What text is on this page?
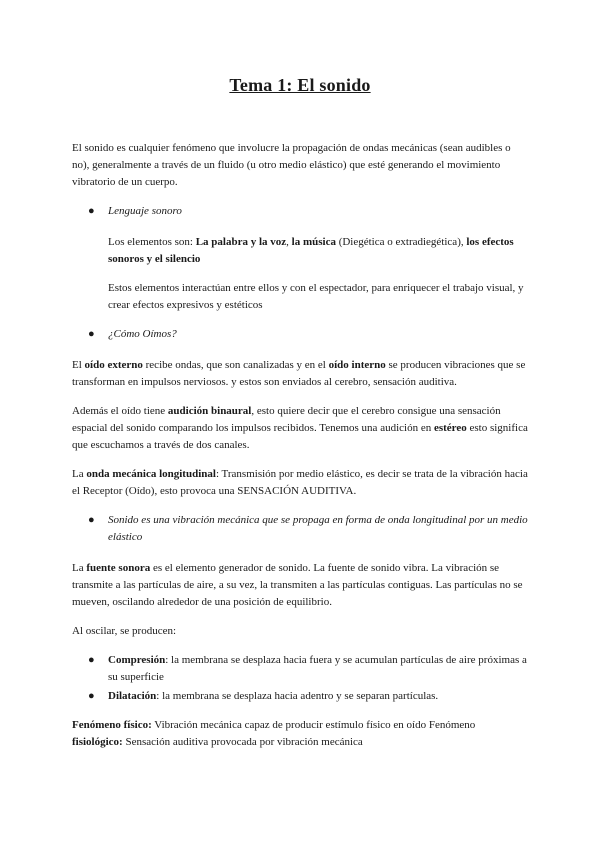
Tema 1: El sonido

El sonido es cualquier fenómeno que involucre la propagación de ondas mecánicas (sean audibles o no), generalmente a través de un fluido (u otro medio elástico) que esté generando el movimiento vibratorio de un cuerpo.

● Lenguaje sonoro

Los elementos son: La palabra y la voz, la música (Diegética o extradiegética), los efectos sonoros y el silencio

Estos elementos interactúan entre ellos y con el espectador, para enriquecer el trabajo visual, y crear efectos expresivos y estéticos

● ¿Cómo Oímos?

El oído externo recibe ondas, que son canalizadas y en el oído interno se producen vibraciones que se transforman en impulsos nerviosos. y estos son enviados al cerebro, sensación auditiva.

Además el oído tiene audición binaural, esto quiere decir que el cerebro consigue una sensación espacial del sonido comparando los impulsos recibidos. Tenemos una audición en estéreo esto significa que escuchamos a través de dos canales.

La onda mecánica longitudinal: Transmisión por medio elástico, es decir se trata de la vibración hacia el Receptor (Oído), esto provoca una SENSACIÓN AUDITIVA.

● Sonido es una vibración mecánica que se propaga en forma de onda longitudinal por un medio elástico

La fuente sonora es el elemento generador de sonido. La fuente de sonido vibra. La vibración se transmite a las partículas de aire, a su vez, la transmiten a las partículas contiguas. Las partículas no se mueven, oscilando alrededor de una posición de equilibrio.

Al oscilar, se producen:

● Compresión: la membrana se desplaza hacia fuera y se acumulan partículas de aire próximas a su superficie
● Dilatación: la membrana se desplaza hacia adentro y se separan partículas.

Fenómeno físico: Vibración mecánica capaz de producir estímulo físico en oído Fenómeno fisiológico: Sensación auditiva provocada por vibración mecánica
